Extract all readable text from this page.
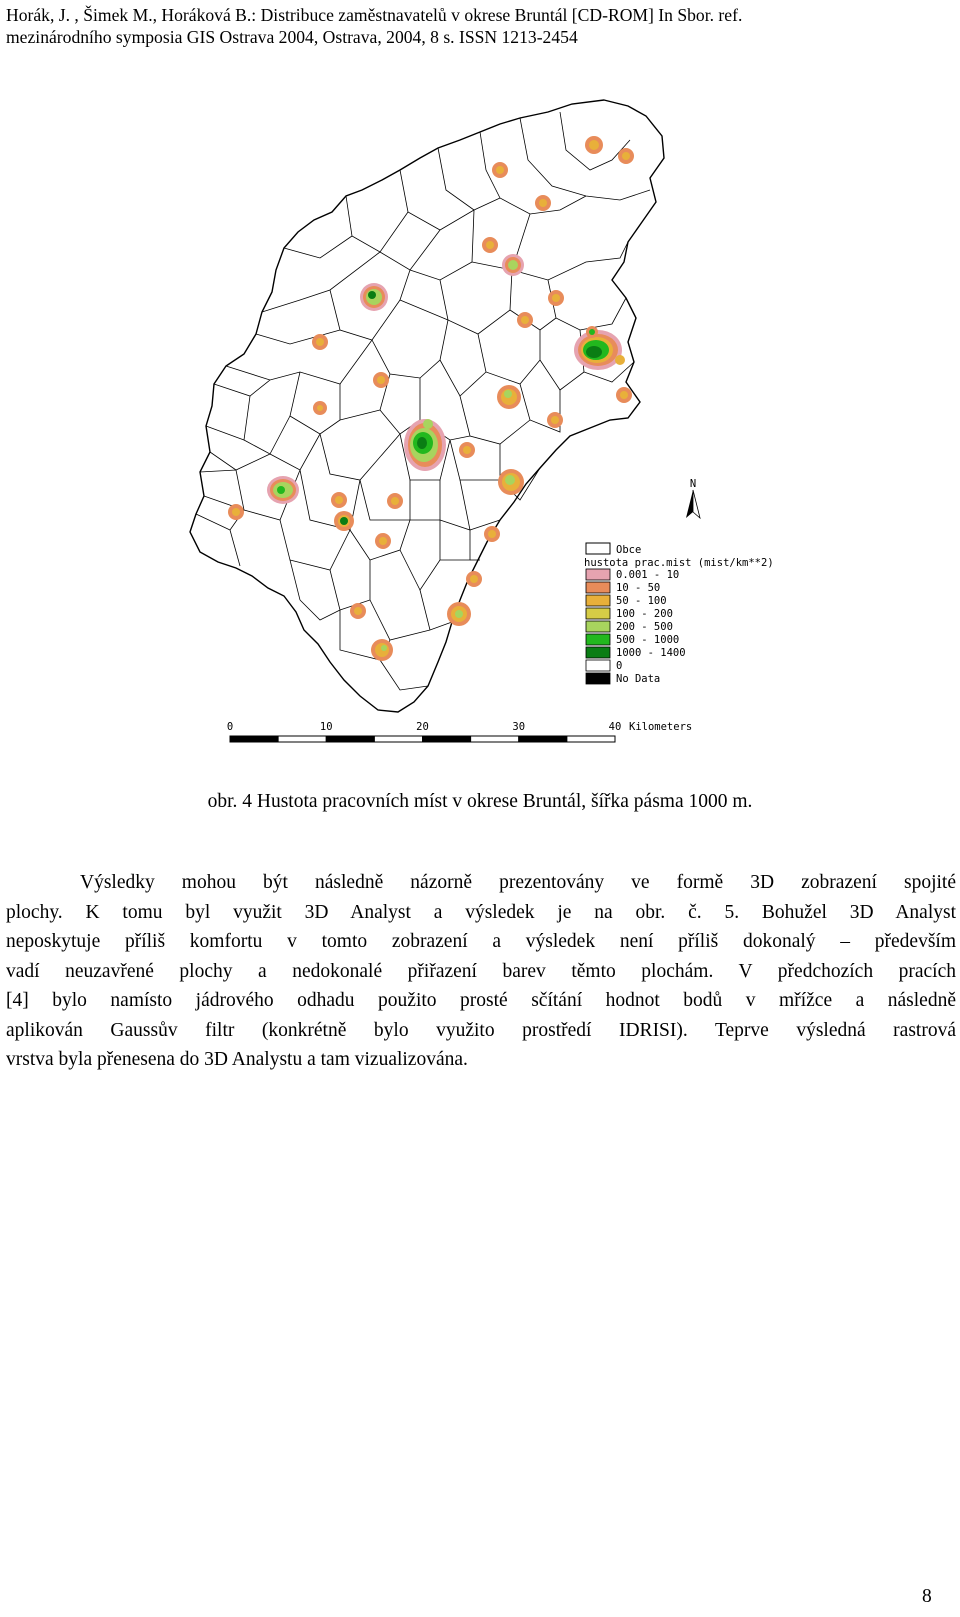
Horák, J. , Šimek M., Horáková B.: Distribuce zaměstnavatelů v okrese Bruntál [CD-ROM] In Sbor. ref.
mezinárodního symposia GIS Ostrava 2004, Ostrava, 2004, 8 s. ISSN 1213-2454
N
Obce
hustota prac.mist (mist/km**2)
0.001 - 10
10 - 50
50 - 100
100 - 200
200 - 500
500 - 1000
1000 - 1400
0
No Data
0	10	20	30	40 Kilometers
obr. 4 Hustota pracovních míst v okrese Bruntál, šířka pásma 1000 m.
Výsledky mohou být následně názorně prezentovány ve formě 3D zobrazení spojité
plochy. K tomu byl využit 3D Analyst a výsledek je na obr. č. 5. Bohužel 3D Analyst
neposkytuje příliš komfortu v tomto zobrazení a výsledek není příliš dokonalý – především
vadí neuzavřené plochy a nedokonalé přiřazení barev těmto plochám. V předchozích pracích
[4] bylo namísto jádrového odhadu použito prosté sčítání hodnot bodů v mřížce a následně
aplikován Gaussův filtr (konkrétně bylo využito prostředí IDRISI). Teprve výsledná rastrová
vrstva byla přenesena do 3D Analystu a tam vizualizována.
8
